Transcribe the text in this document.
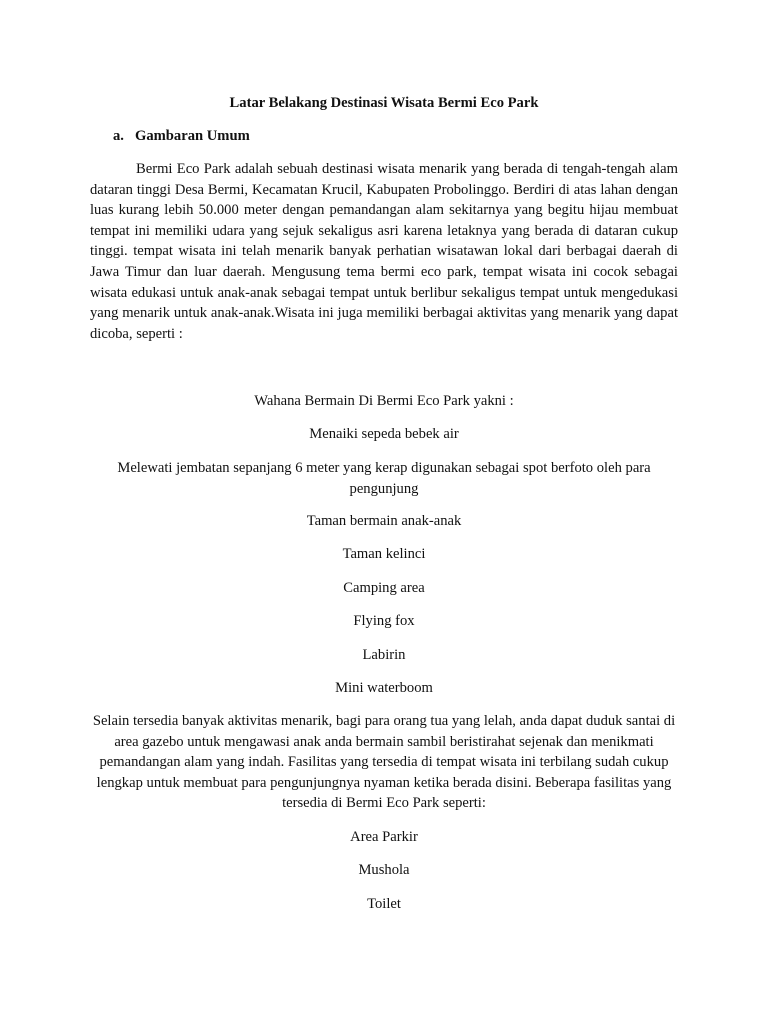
Latar Belakang Destinasi Wisata Bermi Eco Park
a. Gambaran Umum

Bermi Eco Park adalah sebuah destinasi wisata menarik yang berada di tengah-tengah alam dataran tinggi Desa Bermi, Kecamatan Krucil, Kabupaten Probolinggo. Berdiri di atas lahan dengan luas kurang lebih 50.000 meter dengan pemandangan alam sekitarnya yang begitu hijau membuat tempat ini memiliki udara yang sejuk sekaligus asri karena letaknya yang berada di dataran cukup tinggi. tempat wisata ini telah menarik banyak perhatian wisatawan lokal dari berbagai daerah di Jawa Timur dan luar daerah. Mengusung tema bermi eco park, tempat wisata ini cocok sebagai wisata edukasi untuk anak-anak sebagai tempat untuk berlibur sekaligus tempat untuk mengedukasi yang menarik untuk anak-anak.Wisata ini juga memiliki berbagai aktivitas yang menarik yang dapat dicoba, seperti :

Wahana Bermain Di Bermi Eco Park yakni :

Menaiki sepeda bebek air

Melewati jembatan sepanjang 6 meter yang kerap digunakan sebagai spot berfoto oleh para pengunjung

Taman bermain anak-anak

Taman kelinci

Camping area

Flying fox

Labirin

Mini waterboom

Selain tersedia banyak aktivitas menarik, bagi para orang tua yang lelah, anda dapat duduk santai di area gazebo untuk mengawasi anak anda bermain sambil beristirahat sejenak dan menikmati pemandangan alam yang indah. Fasilitas yang tersedia di tempat wisata ini terbilang sudah cukup lengkap untuk membuat para pengunjungnya nyaman ketika berada disini. Beberapa fasilitas yang tersedia di Bermi Eco Park seperti:

Area Parkir

Mushola

Toilet
